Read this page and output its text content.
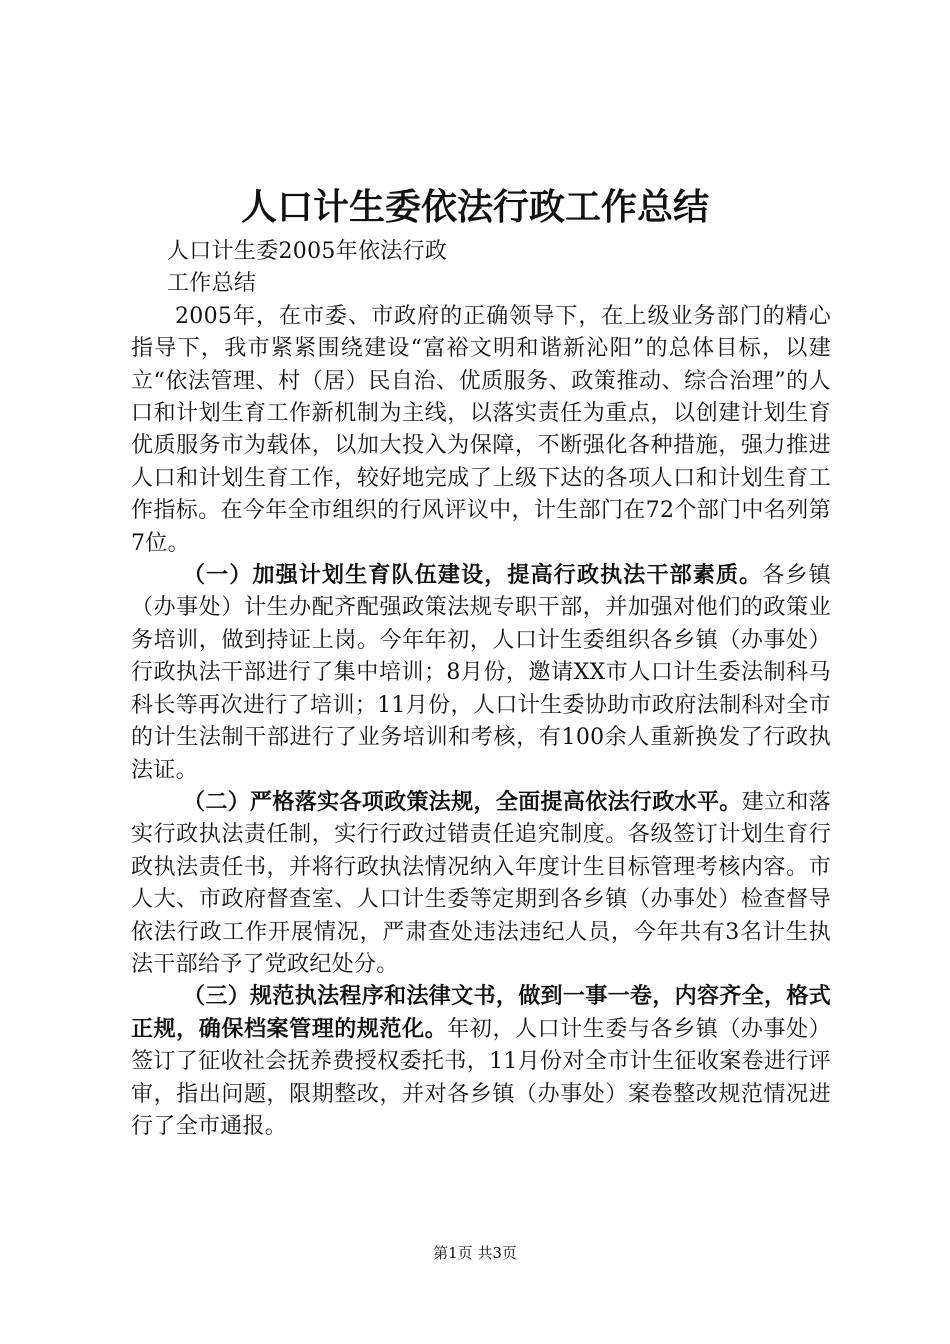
人口计生委依法行政工作总结

人口计生委2005年依法行政

工作总结

2005年，在市委、市政府的正确领导下，在上级业务部门的精心指导下，我市紧紧围绕建设“富裕文明和谐新沁阳”的总体目标，以建立“依法管理、村（居）民自治、优质服务、政策推动、综合治理”的人口和计划生育工作新机制为主线，以落实责任为重点，以创建计划生育优质服务市为载体，以加大投入为保障，不断强化各种措施，强力推进人口和计划生育工作，较好地完成了上级下达的各项人口和计划生育工作指标。在今年全市组织的行风评议中，计生部门在72个部门中名列第7位。

（一）加强计划生育队伍建设，提高行政执法干部素质。各乡镇（办事处）计生办配齐配强政策法规专职干部，并加强对他们的政策业务培训，做到持证上岗。今年年初，人口计生委组织各乡镇（办事处）行政执法干部进行了集中培训；8月份，邀请XX市人口计生委法制科马科长等再次进行了培训；11月份，人口计生委协助市政府法制科对全市的计生法制干部进行了业务培训和考核，有100余人重新换发了行政执法证。

（二）严格落实各项政策法规，全面提高依法行政水平。建立和落实行政执法责任制，实行行政过错责任追究制度。各级签订计划生育行政执法责任书，并将行政执法情况纳入年度计生目标管理考核内容。市人大、市政府督查室、人口计生委等定期到各乡镇（办事处）检查督导依法行政工作开展情况，严肃查处违法违纪人员，今年共有3名计生执法干部给予了党政纪处分。

（三）规范执法程序和法律文书，做到一事一卷，内容齐全，格式正规，确保档案管理的规范化。年初，人口计生委与各乡镇（办事处）签订了征收社会抚养费授权委托书，11月份对全市计生征收案卷进行评审，指出问题，限期整改，并对各乡镇（办事处）案卷整改规范情况进行了全市通报。

第1页 共3页
